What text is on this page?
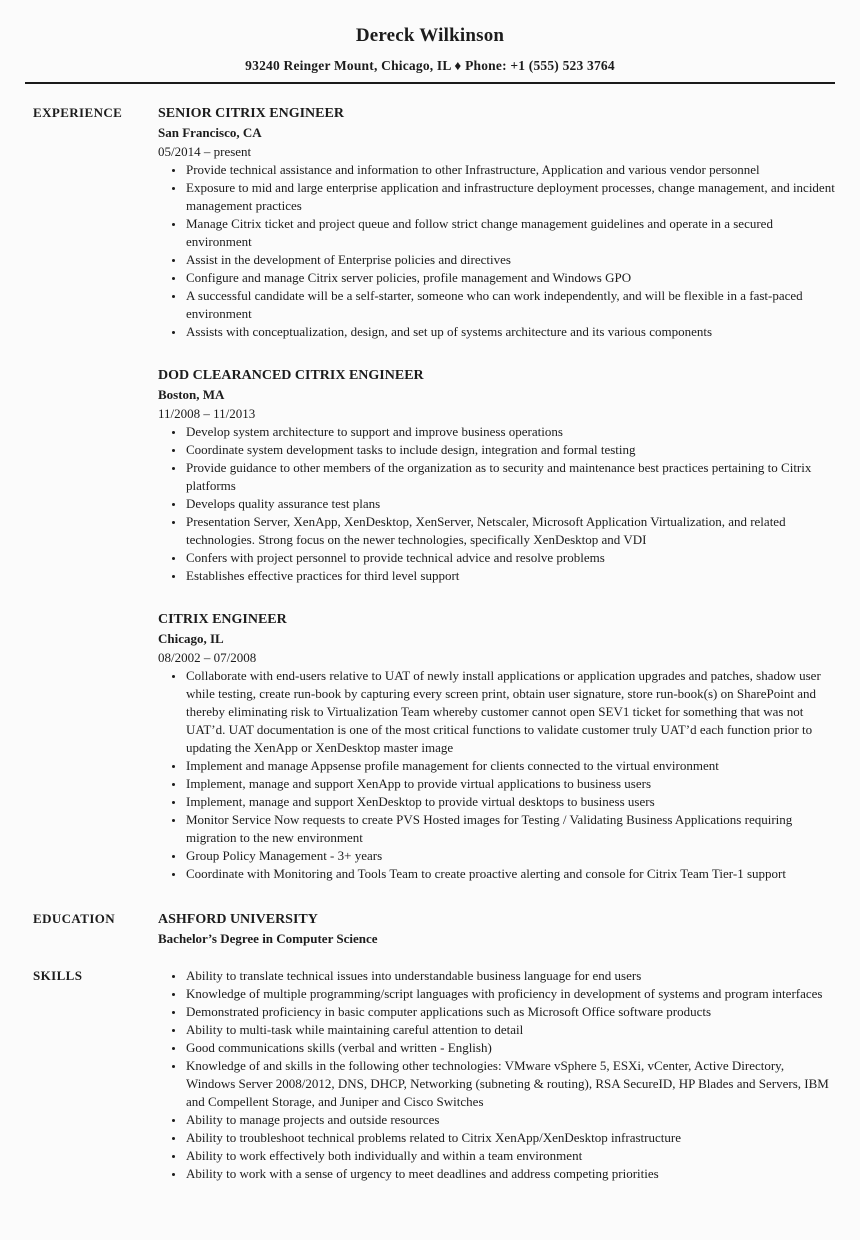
Dereck Wilkinson
93240 Reinger Mount, Chicago, IL ♦ Phone: +1 (555) 523 3764
EXPERIENCE	SENIOR CITRIX ENGINEER
San Francisco, CA
05/2014 – present
• Provide technical assistance and information to other Infrastructure, Application and various vendor personnel
• Exposure to mid and large enterprise application and infrastructure deployment processes, change management, and incident management practices
• Manage Citrix ticket and project queue and follow strict change management guidelines and operate in a secured environment
• Assist in the development of Enterprise policies and directives
• Configure and manage Citrix server policies, profile management and Windows GPO
• A successful candidate will be a self-starter, someone who can work independently, and will be flexible in a fast-paced environment
• Assists with conceptualization, design, and set up of systems architecture and its various components
DOD CLEARANCED CITRIX ENGINEER
Boston, MA
11/2008 – 11/2013
• Develop system architecture to support and improve business operations
• Coordinate system development tasks to include design, integration and formal testing
• Provide guidance to other members of the organization as to security and maintenance best practices pertaining to Citrix platforms
• Develops quality assurance test plans
• Presentation Server, XenApp, XenDesktop, XenServer, Netscaler, Microsoft Application Virtualization, and related technologies. Strong focus on the newer technologies, specifically XenDesktop and VDI
• Confers with project personnel to provide technical advice and resolve problems
• Establishes effective practices for third level support
CITRIX ENGINEER
Chicago, IL
08/2002 – 07/2008
• Collaborate with end-users relative to UAT of newly install applications or application upgrades and patches, shadow user while testing, create run-book by capturing every screen print, obtain user signature, store run-book(s) on SharePoint and thereby eliminating risk to Virtualization Team whereby customer cannot open SEV1 ticket for something that was not UAT’d. UAT documentation is one of the most critical functions to validate customer truly UAT’d each function prior to updating the XenApp or XenDesktop master image
• Implement and manage Appsense profile management for clients connected to the virtual environment
• Implement, manage and support XenApp to provide virtual applications to business users
• Implement, manage and support XenDesktop to provide virtual desktops to business users
• Monitor Service Now requests to create PVS Hosted images for Testing / Validating Business Applications requiring migration to the new environment
• Group Policy Management - 3+ years
• Coordinate with Monitoring and Tools Team to create proactive alerting and console for Citrix Team Tier-1 support
EDUCATION	ASHFORD UNIVERSITY
Bachelor’s Degree in Computer Science
SKILLS	• Ability to translate technical issues into understandable business language for end users
• Knowledge of multiple programming/script languages with proficiency in development of systems and program interfaces
• Demonstrated proficiency in basic computer applications such as Microsoft Office software products
• Ability to multi-task while maintaining careful attention to detail
• Good communications skills (verbal and written - English)
• Knowledge of and skills in the following other technologies: VMware vSphere 5, ESXi, vCenter, Active Directory, Windows Server 2008/2012, DNS, DHCP, Networking (subneting & routing), RSA SecureID, HP Blades and Servers, IBM and Compellent Storage, and Juniper and Cisco Switches
• Ability to manage projects and outside resources
• Ability to troubleshoot technical problems related to Citrix XenApp/XenDesktop infrastructure
• Ability to work effectively both individually and within a team environment
• Ability to work with a sense of urgency to meet deadlines and address competing priorities
